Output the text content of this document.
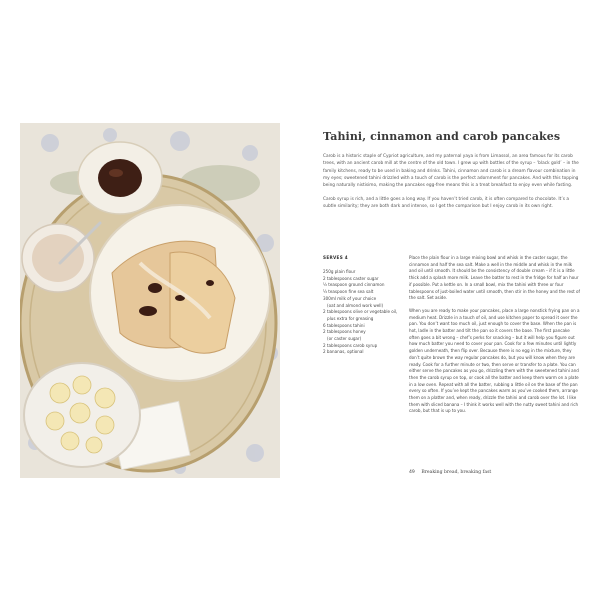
Tahini, cinnamon and carob pancakes

Carob is a historic staple of Cypriot agriculture, and my paternal yaya is from Limassol, an area famous for its carob trees, with an ancient carob mill at the centre of the old town. I grew up with bottles of the syrup – ‘black gold’ – in the family kitchens, ready to be used in baking and drinks. Tahini, cinnamon and carob is a dream flavour combination in my eyes; sweetened tahini drizzled with a touch of carob is the perfect adornment for pancakes. And with this topping being naturally nistisimo, making the pancakes egg-free means this is a treat breakfast to enjoy even while fasting.

Carob syrup is rich, and a little goes a long way. If you haven’t tried carob, it is often compared to chocolate. It’s a subtle similarity; they are both dark and intense, so I get the comparison but I enjoy carob in its own right.

SERVES 4
250g plain flour
2 tablespoons caster sugar
½ teaspoon ground cinnamon
¼ teaspoon fine sea salt
300ml milk of your choice
(oat and almond work well)
2 tablespoons olive or vegetable oil,
plus extra for greasing
6 tablespoons tahini
2 tablespoons honey
(or caster sugar)
2 tablespoons carob syrup
2 bananas, optional

Place the plain flour in a large mixing bowl and whisk in the caster sugar, the cinnamon and half the sea salt. Make a well in the middle and whisk in the milk and oil until smooth. It should be the consistency of double cream – if it is a little thick add a splash more milk. Leave the batter to rest in the fridge for half an hour if possible. Put a kettle on. In a small bowl, mix the tahini with three or four tablespoons of just-boiled water until smooth, then stir in the honey and the rest of the salt. Set aside.

When you are ready to make your pancakes, place a large nonstick frying pan on a medium heat. Drizzle in a touch of oil, and use kitchen paper to spread it over the pan. You don’t want too much oil, just enough to cover the base. When the pan is hot, ladle in the batter and tilt the pan so it covers the base. The first pancake often goes a bit wrong – chef’s perks for snacking – but it will help you figure out how much batter you need to cover your pan. Cook for a few minutes until lightly golden underneath, then flip over. Because there is no egg in the mixture, they don’t quite brown the way regular pancakes do, but you will know when they are ready. Cook for a further minute or two, then serve or transfer to a plate. You can either serve the pancakes as you go, drizzling them with the sweetened tahini and then the carob syrup on top, or cook all the batter and keep them warm on a plate in a low oven. Repeat with all the batter, rubbing a little oil on the base of the pan every so often. If you’ve kept the pancakes warm as you’ve cooked them, arrange them on a platter and, when ready, drizzle the tahini and carob over the lot. I like them with sliced banana – I think it works well with the nutty sweet tahini and rich carob, but that is up to you.

49 Breaking bread, breaking fast
